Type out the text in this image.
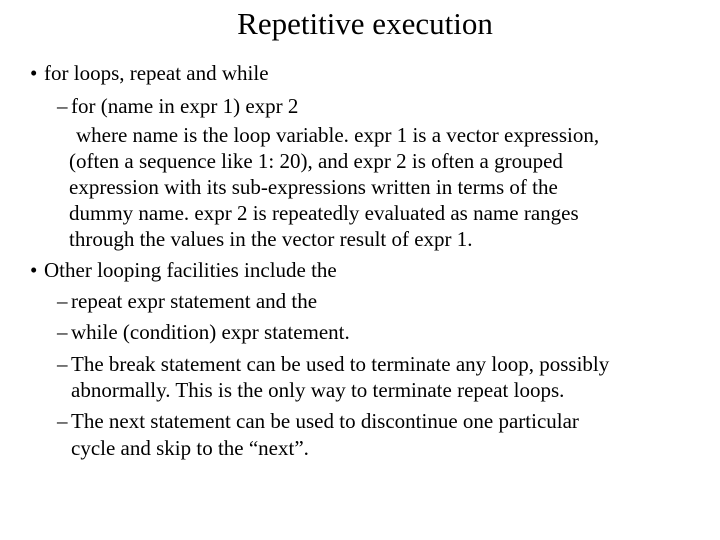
Repetitive execution
• for loops, repeat and while
– for (name in expr 1) expr 2
where name is the loop variable. expr 1 is a vector expression,
(often a sequence like 1: 20), and expr 2 is often a grouped
expression with its sub-expressions written in terms of the
dummy name. expr 2 is repeatedly evaluated as name ranges
through the values in the vector result of expr 1.
• Other looping facilities include the
– repeat expr statement and the
– while (condition) expr statement.
– The break statement can be used to terminate any loop, possibly
abnormally. This is the only way to terminate repeat loops.
– The next statement can be used to discontinue one particular
cycle and skip to the “next”.
